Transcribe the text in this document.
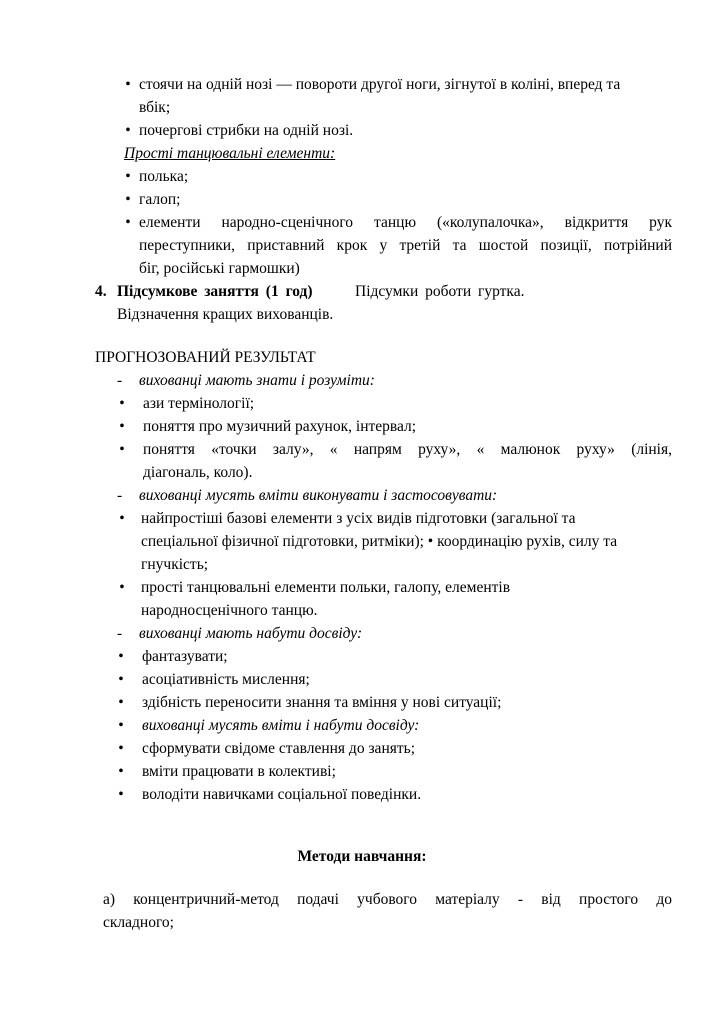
• стоячи на одній нозі — повороти другої ноги, зігнутої в коліні, вперед та
вбік;
• почергові стрибки на одній нозі.
Прості танцювальні елементи:
• полька;
• галоп;
• елементи народно-сценічного танцю («колупалочка», відкриття рук
переступники, приставний крок у третій та шостой позиції, потрійний
біг, російські гармошки)
4. Підсумкове заняття (1 год)	Підсумки роботи гуртка.
Відзначення кращих вихованців.
ПРОГНОЗОВАНИЙ РЕЗУЛЬТАТ
- вихованці мають знати і розуміти:
• ази термінології;
• поняття про музичний рахунок, інтервал;
• поняття «точки залу», « напрям руху», « малюнок руху» (лінія,
діагональ, коло).
- вихованці мусять вміти виконувати і застосовувати:
• найпростіші базові елементи з усіх видів підготовки (загальної та
спеціальної фізичної підготовки, ритміки); • координацію рухів, силу та
гнучкість;
• прості танцювальні елементи польки, галопу, елементів
народносценічного танцю.
- вихованці мають набути досвіду:
• фантазувати;
• асоціативність мислення;
• здібність переносити знання та вміння у нові ситуації;
• вихованці мусять вміти і набути досвіду:
• сформувати свідоме ставлення до занять;
• вміти працювати в колективі;
• володіти навичками соціальної поведінки.
Методи навчання:
а) концентричний-метод подачі учбового матеріалу - від простого до
складного;
